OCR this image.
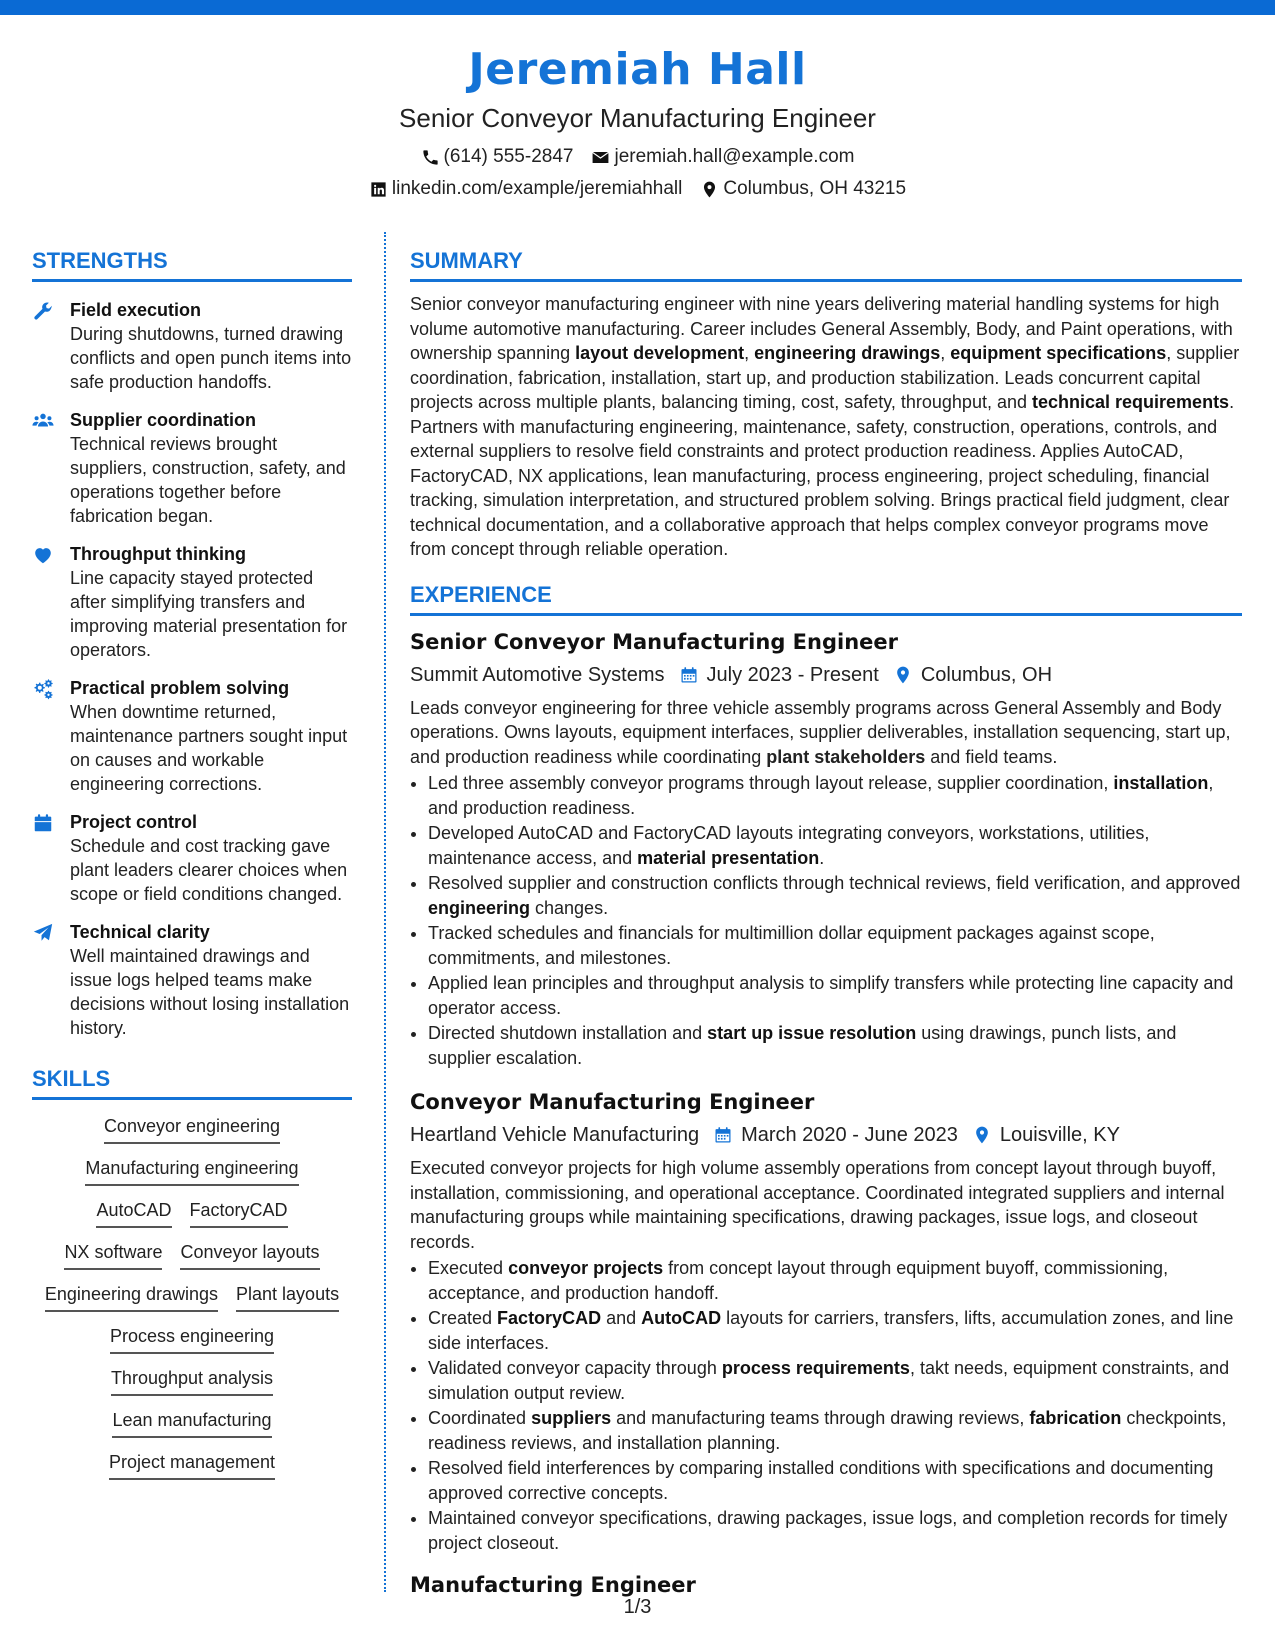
Jeremiah Hall
Senior Conveyor Manufacturing Engineer
(614) 555-2847 jeremiah.hall@example.com
linkedin.com/example/jeremiahhall Columbus, OH 43215
STRENGTHS
Field execution
During shutdowns, turned drawing conflicts and open punch items into safe production handoffs.
Supplier coordination
Technical reviews brought suppliers, construction, safety, and operations together before fabrication began.
Throughput thinking
Line capacity stayed protected after simplifying transfers and improving material presentation for operators.
Practical problem solving
When downtime returned, maintenance partners sought input on causes and workable engineering corrections.
Project control
Schedule and cost tracking gave plant leaders clearer choices when scope or field conditions changed.
Technical clarity
Well maintained drawings and issue logs helped teams make decisions without losing installation history.
SKILLS
Conveyor engineering
Manufacturing engineering
AutoCAD FactoryCAD
NX software Conveyor layouts
Engineering drawings Plant layouts
Process engineering
Throughput analysis
Lean manufacturing
Project management
SUMMARY
Senior conveyor manufacturing engineer with nine years delivering material handling systems for high volume automotive manufacturing. Career includes General Assembly, Body, and Paint operations, with ownership spanning layout development, engineering drawings, equipment specifications, supplier coordination, fabrication, installation, start up, and production stabilization. Leads concurrent capital projects across multiple plants, balancing timing, cost, safety, throughput, and technical requirements. Partners with manufacturing engineering, maintenance, safety, construction, operations, controls, and external suppliers to resolve field constraints and protect production readiness. Applies AutoCAD, FactoryCAD, NX applications, lean manufacturing, process engineering, project scheduling, financial tracking, simulation interpretation, and structured problem solving. Brings practical field judgment, clear technical documentation, and a collaborative approach that helps complex conveyor programs move from concept through reliable operation.
EXPERIENCE
Senior Conveyor Manufacturing Engineer
Summit Automotive Systems July 2023 - Present Columbus, OH
Leads conveyor engineering for three vehicle assembly programs across General Assembly and Body operations. Owns layouts, equipment interfaces, supplier deliverables, installation sequencing, start up, and production readiness while coordinating plant stakeholders and field teams.
• Led three assembly conveyor programs through layout release, supplier coordination, installation, and production readiness.
• Developed AutoCAD and FactoryCAD layouts integrating conveyors, workstations, utilities, maintenance access, and material presentation.
• Resolved supplier and construction conflicts through technical reviews, field verification, and approved engineering changes.
• Tracked schedules and financials for multimillion dollar equipment packages against scope, commitments, and milestones.
• Applied lean principles and throughput analysis to simplify transfers while protecting line capacity and operator access.
• Directed shutdown installation and start up issue resolution using drawings, punch lists, and supplier escalation.
Conveyor Manufacturing Engineer
Heartland Vehicle Manufacturing March 2020 - June 2023 Louisville, KY
Executed conveyor projects for high volume assembly operations from concept layout through buyoff, installation, commissioning, and operational acceptance. Coordinated integrated suppliers and internal manufacturing groups while maintaining specifications, drawing packages, issue logs, and closeout records.
• Executed conveyor projects from concept layout through equipment buyoff, commissioning, acceptance, and production handoff.
• Created FactoryCAD and AutoCAD layouts for carriers, transfers, lifts, accumulation zones, and line side interfaces.
• Validated conveyor capacity through process requirements, takt needs, equipment constraints, and simulation output review.
• Coordinated suppliers and manufacturing teams through drawing reviews, fabrication checkpoints, readiness reviews, and installation planning.
• Resolved field interferences by comparing installed conditions with specifications and documenting approved corrective concepts.
• Maintained conveyor specifications, drawing packages, issue logs, and completion records for timely project closeout.
Manufacturing Engineer
1/3
